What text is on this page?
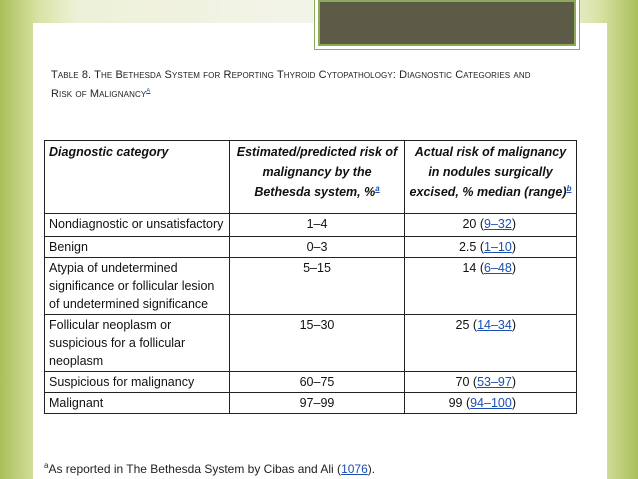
Table 8. The Bethesda System for Reporting Thyroid Cytopathology: Diagnostic Categories and
Risk of Malignancy$^a$
Diagnostic category	Estimated/predicted risk of malignancy by the Bethesda system, %$^a$	Actual risk of malignancy in nodules surgically excised, % median (range)$^b$
Nondiagnostic or unsatisfactory	1–4	20 (9–32)
Benign	0–3	2.5 (1–10)
Atypia of undetermined significance or follicular lesion of undetermined significance	5–15	14 (6–48)
Follicular neoplasm or suspicious for a follicular neoplasm	15–30	25 (14–34)
Suspicious for malignancy	60–75	70 (53–97)
Malignant	97–99	99 (94–100)
$^a$As reported in The Bethesda System by Cibas and Ali (1076).
